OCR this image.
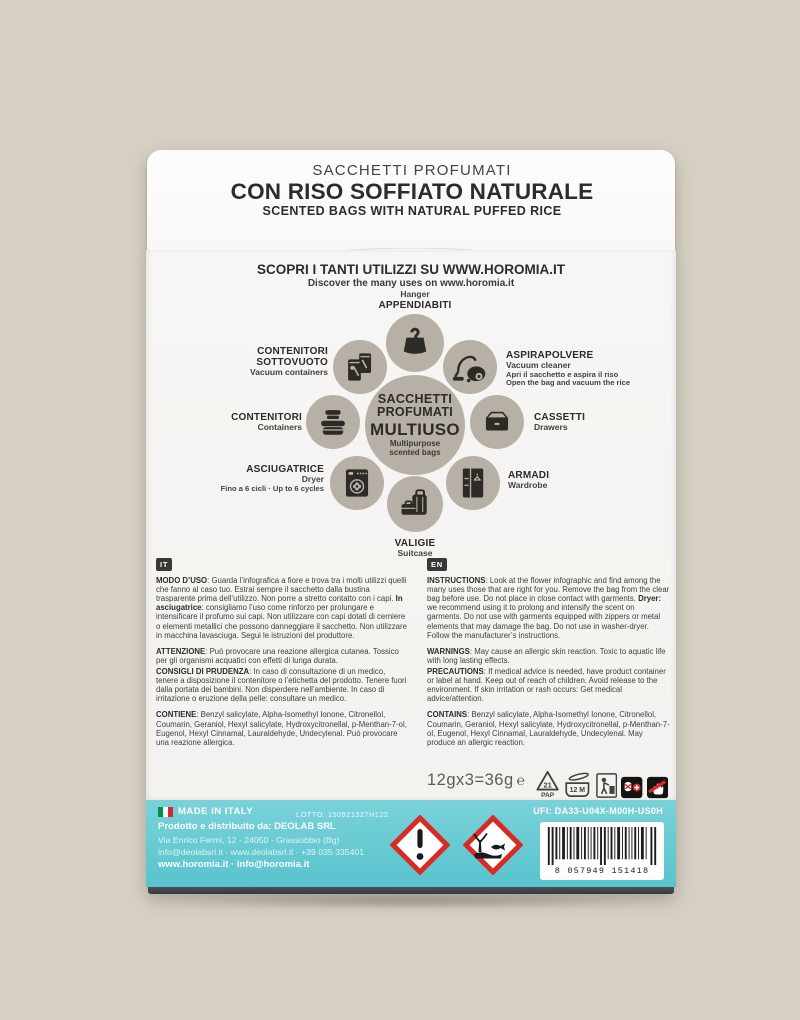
SACCHETTI PROFUMATI
CON RISO SOFFIATO NATURALE
SCENTED BAGS WITH NATURAL PUFFED RICE
SCOPRI I TANTI UTILIZZI SU WWW.HOROMIA.IT
Discover the many uses on www.horomia.it
Hanger
APPENDIABITI
CONTENITORI
SOTTOVUOTO
Vacuum containers
ASPIRAPOLVERE
Vacuum cleaner
Apri il sacchetto e aspira il riso
Open the bag and vacuum the rice
CONTENITORI
Containers
CASSETTI
Drawers
ASCIUGATRICE
Dryer
Fino a 6 cicli · Up to 6 cycles
ARMADI
Wardrobe
VALIGIE
Suitcase
SACCHETTI
PROFUMATI
MULTIUSO
Multipurpose
scented bags
IT	EN

MODO D’USO: Guarda l’infografica a fiore e trova tra i molti utilizzi quelli che fanno al caso tuo. Estrai sempre il sacchetto dalla bustina trasparente prima dell’utilizzo. Non porre a stretto contatto con i capi. In asciugatrice: consigliamo l’uso come rinforzo per prolungare e intensificare il profumo sui capi. Non utilizzare con capi dotati di cerniere o elementi metallici che possono danneggiare il sacchetto. Non utilizzare in macchina lavasciuga. Segui le istruzioni del produttore.

ATTENZIONE: Può provocare una reazione allergica cutanea. Tossico per gli organismi acquatici con effetti di lunga durata.

CONSIGLI DI PRUDENZA: In caso di consultazione di un medico, tenere a disposizione il contenitore o l’etichetta del prodotto. Tenere fuori dalla portata dei bambini. Non disperdere nell’ambiente. In caso di irritazione o eruzione della pelle: consultare un medico.

CONTIENE: Benzyl salicylate, Alpha-Isomethyl Ionone, Citronellol, Coumarin, Geraniol, Hexyl salicylate, Hydroxycitronellal, p-Menthan-7-ol, Eugenol, Hexyl Cinnamal, Lauraldehyde, Undecylenal. Può provocare una reazione allergica.

INSTRUCTIONS: Look at the flower infographic and find among the many uses those that are right for you. Remove the bag from the clear bag before use. Do not place in close contact with garments. Dryer: we recommend using it to prolong and intensify the scent on garments. Do not use with garments equipped with zippers or metal elements that may damage the bag. Do not use in washer-dryer. Follow the manufacturer’s instructions.

WARNINGS: May cause an allergic skin reaction. Toxic to aquatic life with long lasting effects.

PRECAUTIONS: If medical advice is needed, have product container or label at hand. Keep out of reach of children. Avoid release to the environment. If skin irritation or rash occurs: Get medical advice/attention.

CONTAINS: Benzyl salicylate, Alpha-Isomethyl Ionone, Citronellol, Coumarin, Geraniol, Hexyl salicylate, Hydroxycitronellal, p-Menthan-7-ol, Eugenol, Hexyl Cinnamal, Lauraldehyde, Undecylenal. May produce an allergic reaction.

12gx3=36g ℮ 21
PAP
12 M
MADE IN ITALY	LOTTO: 150921327H122	UFI: DA33-U04X-M00H-US0H
Prodotto e distribuito da: DEOLAB SRL
Via Enrico Fermi, 12 - 24050 - Grassobbio (Bg)
info@deolabsrl.it · www.deolabsrl.it · +39 035 335401
www.horomia.it · info@horomia.it
8 057949 151418
